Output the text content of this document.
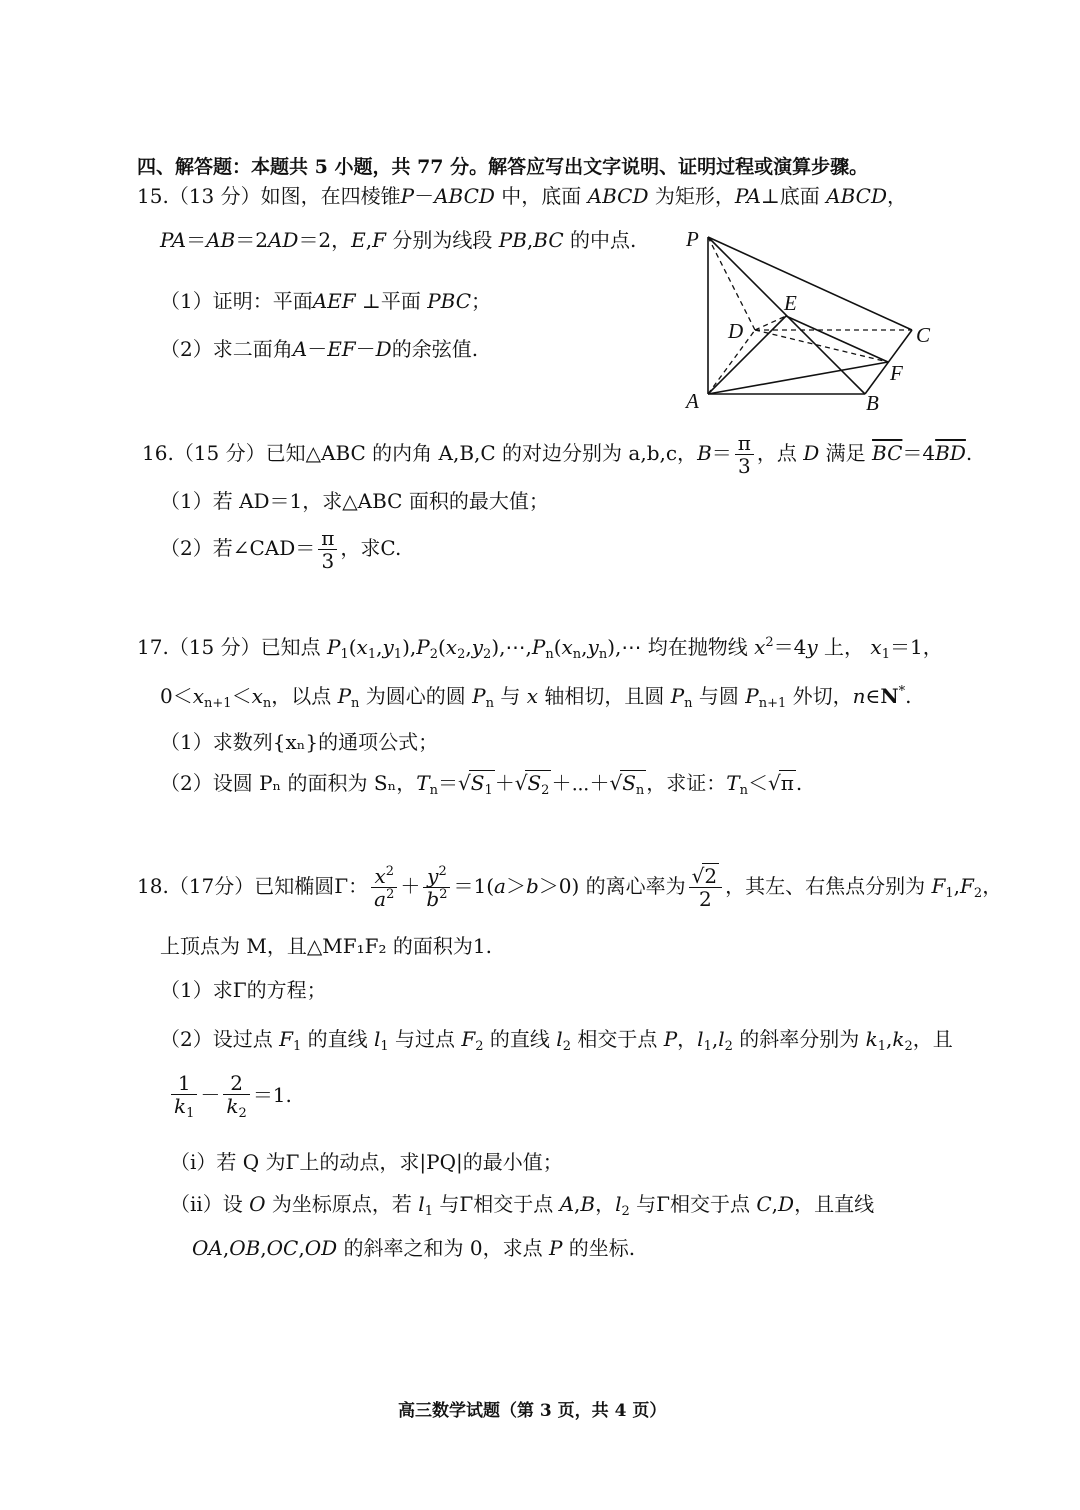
四、解答题：本题共 5 小题，共 77 分。解答应写出文字说明、证明过程或演算步骤。
15.（13 分）如图，在四棱锥P－ABCD 中，底面 ABCD 为矩形，PA⊥底面 ABCD，
PA＝AB＝2AD＝2，E,F 分别为线段 PB,BC 的中点.
（1）证明：平面AEF ⊥平面 PBC；
（2）求二面角A－EF－D的余弦值.
P
E
D	C
F
A	B
16.（15 分）已知△ABC 的内角 A,B,C 的对边分别为 a,b,c，$B= \frac{\pi}{3}$ ，点 D 满足 $\overline{BC}=4\overline{BD}$.
（1）若 AD＝1，求△ABC 面积的最大值；
（2）若∠CAD＝ $\frac{\pi}{3}$ ，求C.
17.（15 分）已知点 $P_1(x_1,y_1),P_2(x_2,y_2),\cdots,P_n(x_n,y_n),\cdots$ 均在抛物线 $x^2=4y$ 上， $x_1=1$，
$0<x_{n+1}<x_n$，以点 $P_n$ 为圆心的圆 $P_n$ 与 x 轴相切，且圆 $P_n$ 与圆 $P_{n+1}$ 外切，n∈N*.
（1）求数列{xₙ}的通项公式；
（2）设圆 Pₙ 的面积为 Sₙ，$T_n=√S_1 +√S_2$ $+\cdots+√S_n$ ，求证：$T_n<√\pi$ .
18.（17分）已知椭圆Γ： $\frac{x^2}{a^2} + \frac{y^2}{b^2} =1(a>b>0)$ 的离心率为 $\frac{√2}{2}$ ，其左、右焦点分别为 $F_1,F_2$，
上顶点为 M，且△MF₁F₂ 的面积为1.
（1）求Γ的方程；
（2）设过点 $F_1$ 的直线 $l_1$ 与过点 $F_2$ 的直线 $l_2$ 相交于点 P，$l_1,l_2$ 的斜率分别为 $k_1,k_2$，且
$\frac{1}{k_1} - \frac{2}{k_2} =1$.
（i）若 Q 为Γ上的动点，求|PQ|的最小值；
（ii）设 O 为坐标原点，若 $l_1$ 与Γ相交于点 A,B，$l_2$ 与Γ相交于点 C,D，且直线
OA,OB,OC,OD 的斜率之和为 0，求点 P 的坐标.
高三数学试题（第 3 页，共 4 页）
